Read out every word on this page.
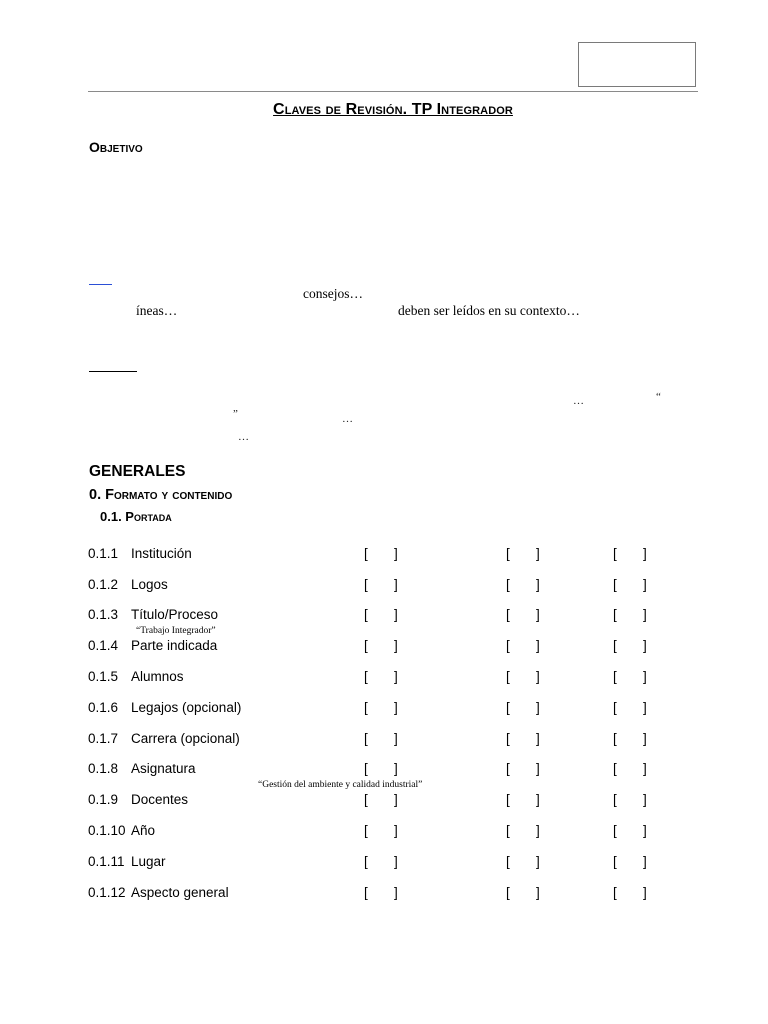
Claves de Revisión. TP Integrador
Objetivo
consejos…
íneas…	deben ser leídos en su contexto…
…	“
”	…
…
GENERALES
0. Formato y contenido
0.1. Portada
0.1.1 Institución	[       ]	[       ]	[       ]
0.1.2 Logos	[       ]	[       ]	[       ]
0.1.3 Título/Proceso	[       ]	[       ]	[       ]
“Trabajo Integrador”
0.1.4 Parte indicada	[       ]	[       ]	[       ]
0.1.5 Alumnos	[       ]	[       ]	[       ]
0.1.6 Legajos (opcional)	[       ]	[       ]	[       ]
0.1.7 Carrera (opcional)	[       ]	[       ]	[       ]
0.1.8 Asignatura	[       ]	[       ]	[       ]
“Gestión del ambiente y calidad industrial”
0.1.9 Docentes	[       ]	[       ]	[       ]
0.1.10 Año	[       ]	[       ]	[       ]
0.1.11 Lugar	[       ]	[       ]	[       ]
0.1.12 Aspecto general	[       ]	[       ]	[       ]
